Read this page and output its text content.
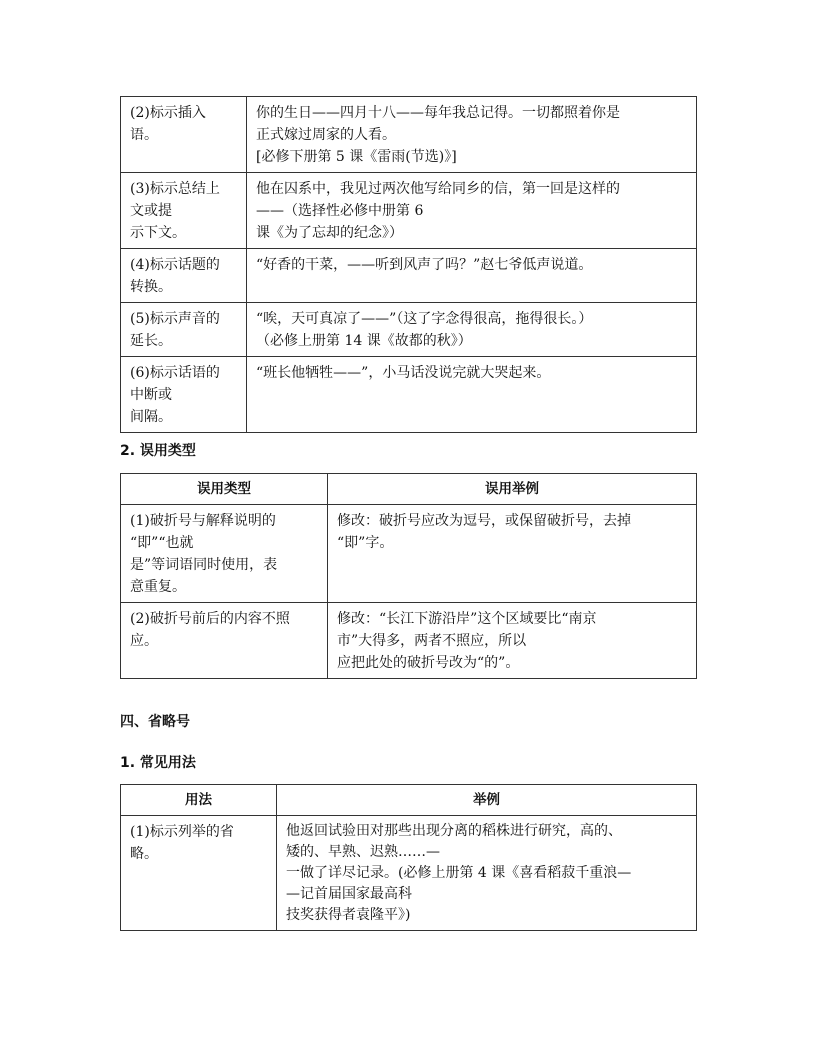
(2)标示插入
语。	你的生日——四月十八——每年我总记得。一切都照着你是
正式嫁过周家的人看。
[必修下册第 5 课《雷雨(节选)》]

(3)标示总结上
文或提
示下文。	他在囚系中，我见过两次他写给同乡的信，第一回是这样的
——（选择性必修中册第 6
课《为了忘却的纪念》）

(4)标示话题的
转换。	“好香的干菜，——听到风声了吗？”赵七爷低声说道。

(5)标示声音的
延长。	“唉，天可真凉了——”（这了字念得很高，拖得很长。）
（必修上册第 14 课《故都的秋》）

(6)标示话语的
中断或
间隔。	“班长他牺牲——”，小马话没说完就大哭起来。
2. 误用类型
误用类型	误用举例

(1)破折号与解释说明的
“即”“也就
是”等词语同时使用，表
意重复。	修改：破折号应改为逗号，或保留破折号，去掉
“即”字。

(2)破折号前后的内容不照
应。	修改：“长江下游沿岸”这个区域要比“南京
市”大得多，两者不照应，所以
应把此处的破折号改为“的”。
四、省略号
1. 常见用法
用法	举例

(1)标示列举的省
略。	他返回试验田对那些出现分离的稻株进行研究，高的、
矮的、早熟、迟熟……—
一做了详尽记录。(必修上册第 4 课《喜看稻菽千重浪—
—记首届国家最高科
技奖获得者袁隆平》)
